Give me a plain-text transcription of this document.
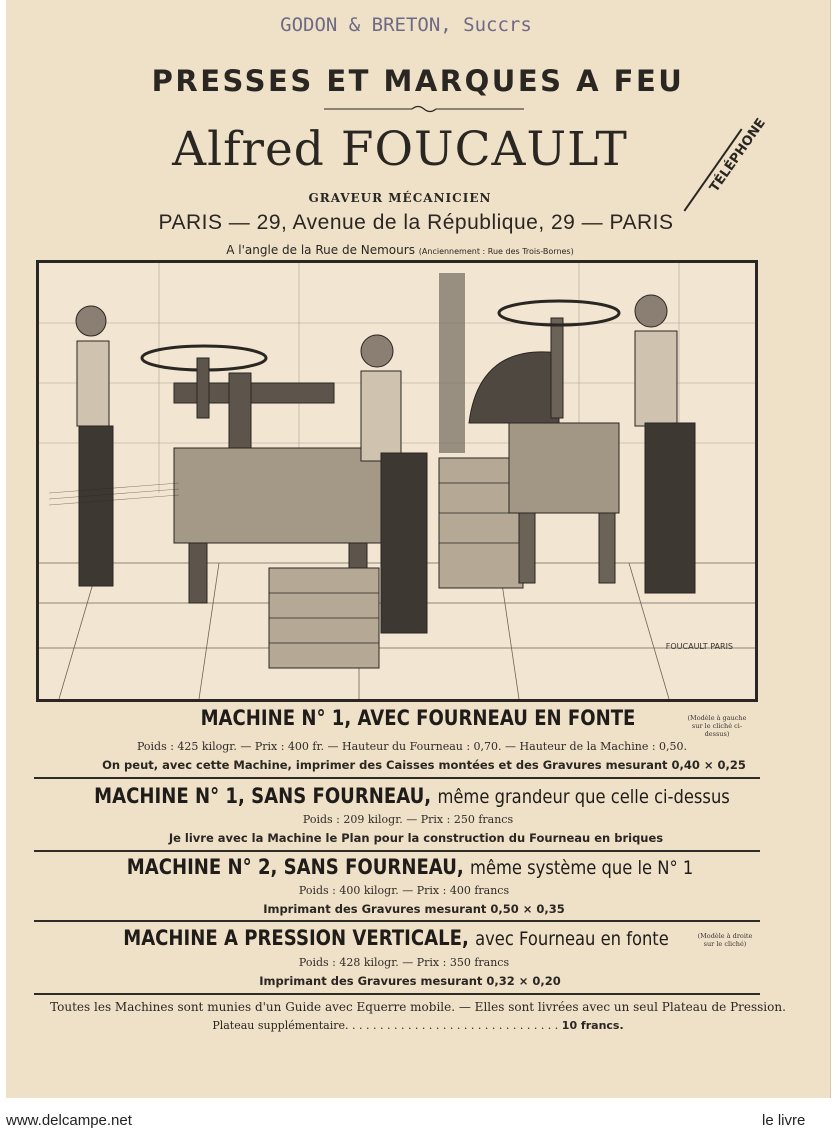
GODON & BRETON, Succrs
PRESSES ET MARQUES A FEU
Alfred FOUCAULT	TÉLÉPHONE
GRAVEUR MÉCANICIEN
PARIS — 29, Avenue de la République, 29 — PARIS
A l'angle de la Rue de Nemours (Anciennement : Rue des Trois-Bornes)
FOUCAULT PARIS
MACHINE N° 1, AVEC FOURNEAU EN FONTE	(Modèle à gauche sur le cliché ci-dessus)
Poids : 425 kilogr. — Prix : 400 fr. — Hauteur du Fourneau : 0,70. — Hauteur de la Machine : 0,50.
On peut, avec cette Machine, imprimer des Caisses montées et des Gravures mesurant 0,40 × 0,25
MACHINE N° 1, SANS FOURNEAU, même grandeur que celle ci-dessus
Poids : 209 kilogr. — Prix : 250 francs
Je livre avec la Machine le Plan pour la construction du Fourneau en briques
MACHINE N° 2, SANS FOURNEAU, même système que le N° 1
Poids : 400 kilogr. — Prix : 400 francs
Imprimant des Gravures mesurant 0,50 × 0,35
MACHINE A PRESSION VERTICALE, avec Fourneau en fonte	(Modèle à droite sur le cliché)
Poids : 428 kilogr. — Prix : 350 francs
Imprimant des Gravures mesurant 0,32 × 0,20
Toutes les Machines sont munies d'un Guide avec Equerre mobile. — Elles sont livrées avec un seul Plateau de Pression.
Plateau supplémentaire. . . . . . . . . . . . . . . . . . . . . . . . . . . . . . . 10 francs.
www.delcampe.net	le livre
